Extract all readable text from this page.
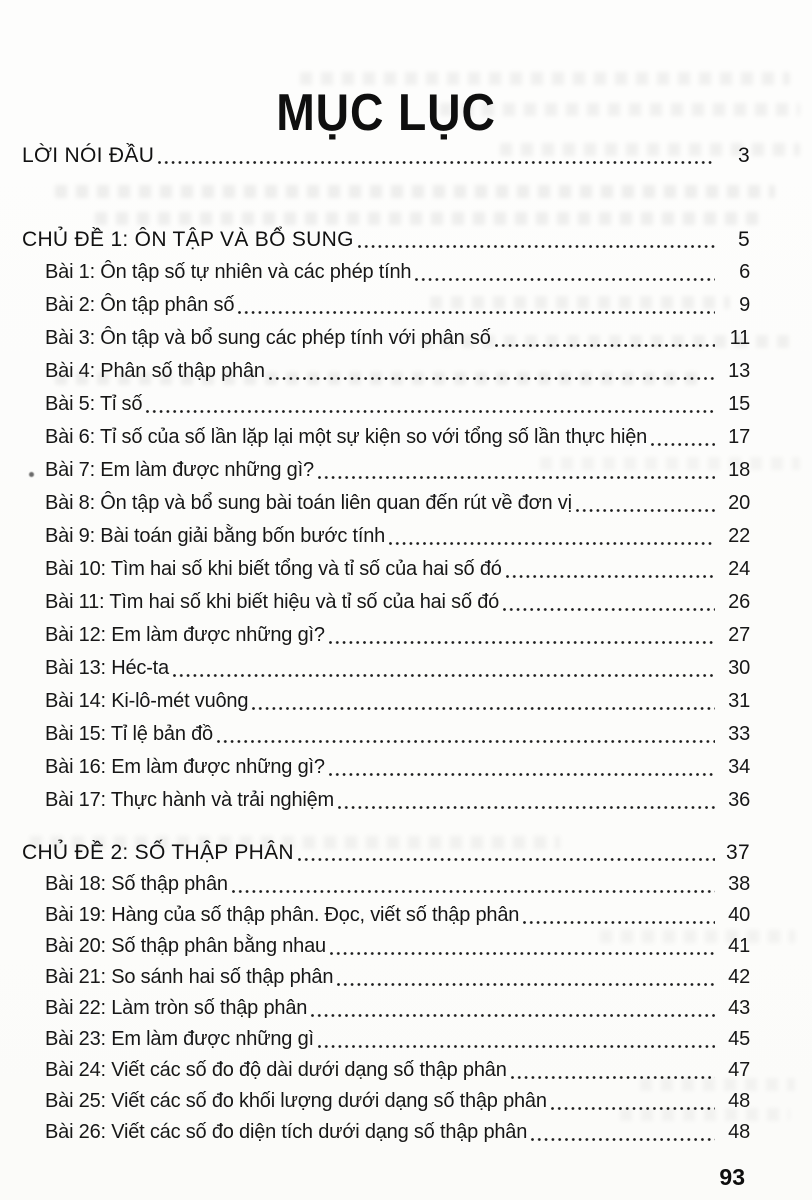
MỤC LỤC
LỜI NÓI ĐẦU	3
CHỦ ĐỀ 1: ÔN TẬP VÀ BỔ SUNG	5
Bài 1: Ôn tập số tự nhiên và các phép tính	6
Bài 2: Ôn tập phân số	9
Bài 3: Ôn tập và bổ sung các phép tính với phân số	11
Bài 4: Phân số thập phân	13
Bài 5: Tỉ số	15
Bài 6: Tỉ số của số lần lặp lại một sự kiện so với tổng số lần thực hiện	17
Bài 7: Em làm được những gì?	18
Bài 8: Ôn tập và bổ sung bài toán liên quan đến rút về đơn vị	20
Bài 9: Bài toán giải bằng bốn bước tính	22
Bài 10: Tìm hai số khi biết tổng và tỉ số của hai số đó	24
Bài 11: Tìm hai số khi biết hiệu và tỉ số của hai số đó	26
Bài 12: Em làm được những gì?	27
Bài 13: Héc-ta	30
Bài 14: Ki-lô-mét vuông	31
Bài 15: Tỉ lệ bản đồ	33
Bài 16: Em làm được những gì?	34
Bài 17: Thực hành và trải nghiệm	36
CHỦ ĐỀ 2: SỐ THẬP PHÂN	37
Bài 18: Số thập phân	38
Bài 19: Hàng của số thập phân. Đọc, viết số thập phân	40
Bài 20: Số thập phân bằng nhau	41
Bài 21: So sánh hai số thập phân	42
Bài 22: Làm tròn số thập phân	43
Bài 23: Em làm được những gì	45
Bài 24: Viết các số đo độ dài dưới dạng số thập phân	47
Bài 25: Viết các số đo khối lượng dưới dạng số thập phân	48
Bài 26: Viết các số đo diện tích dưới dạng số thập phân	48
93
